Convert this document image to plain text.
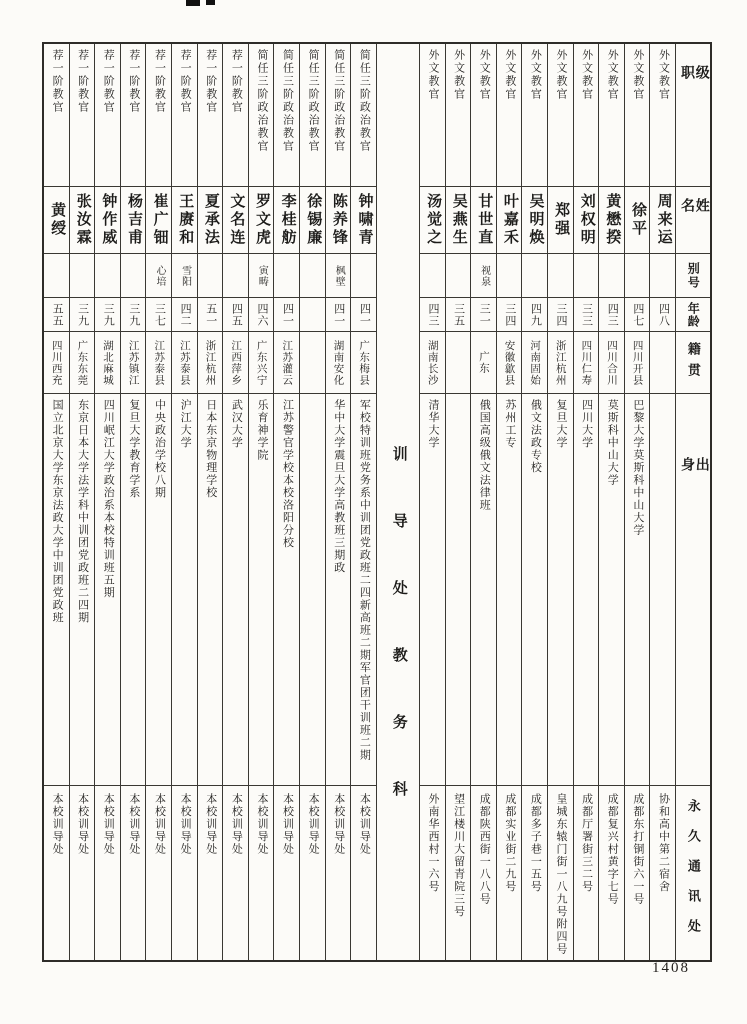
级职
姓名
别号
年龄
籍贯
出身
永久通讯处
外文教官
周来运
四八
协和高中第二宿舍
外文教官
徐平
四七
四川开县
巴黎大学莫斯科中山大学
成都东打铜街六一号
外文教官
黄懋揆
四三
四川合川
莫斯科中山大学
成都复兴村黄字七号
外文教官
刘权明
三三
四川仁寿
四川大学
成都厅署街三二号
外文教官
郑强
三四
浙江杭州
复旦大学
皇城东辕门街一八九号附四号
外文教官
吴明焕
四九
河南固始
俄文法政专校
成都多子巷一五号
外文教官
叶嘉禾
三四
安徽歙县
苏州工专
成都实业街二九号
外文教官
甘世直
视泉
三一
广东
俄国高级俄文法律班
成都陕西街一八八号
外文教官
吴燕生
三五
望江楼川大留青院三号
外文教官
汤觉之
四三
湖南长沙
清华大学
外南华西村一六号
训导处教务科
简任三阶政治教官
钟啸青
四一
广东梅县
军校特训班党务系中训团党政班二四新高班二期军官团干训班二期
本校训导处
简任三阶政治教官
陈养锋
枫壁
四一
湖南安化
华中大学震旦大学高教班三期政
本校训导处
简任三阶政治教官
徐锡廉
本校训导处
简任三阶政治教官
李桂舫
四一
江苏灌云
江苏警官学校本校洛阳分校
本校训导处
简任三阶政治教官
罗文虎
寅畴
四六
广东兴宁
乐育神学院
本校训导处
荐一阶教官
文名连
四五
江西萍乡
武汉大学
本校训导处
荐一阶教官
夏承法
五一
浙江杭州
日本东京物理学校
本校训导处
荐一阶教官
王赓和
雪阳
四二
江苏泰县
沪江大学
本校训导处
荐一阶教官
崔广钿
心培
三七
江苏泰县
中央政治学校八期
本校训导处
荐一阶教官
杨吉甫
三九
江苏镇江
复旦大学教育学系
本校训导处
荐一阶教官
钟作威
三九
湖北麻城
四川岷江大学政治系本校特训班五期
本校训导处
荐一阶教官
张汝霖
三九
广东东莞
东京日本大学法学科中训团党政班二四期
本校训导处
荐一阶教官
黄绶
五五
四川西充
国立北京大学东京法政大学中训团党政班
本校训导处
1408
